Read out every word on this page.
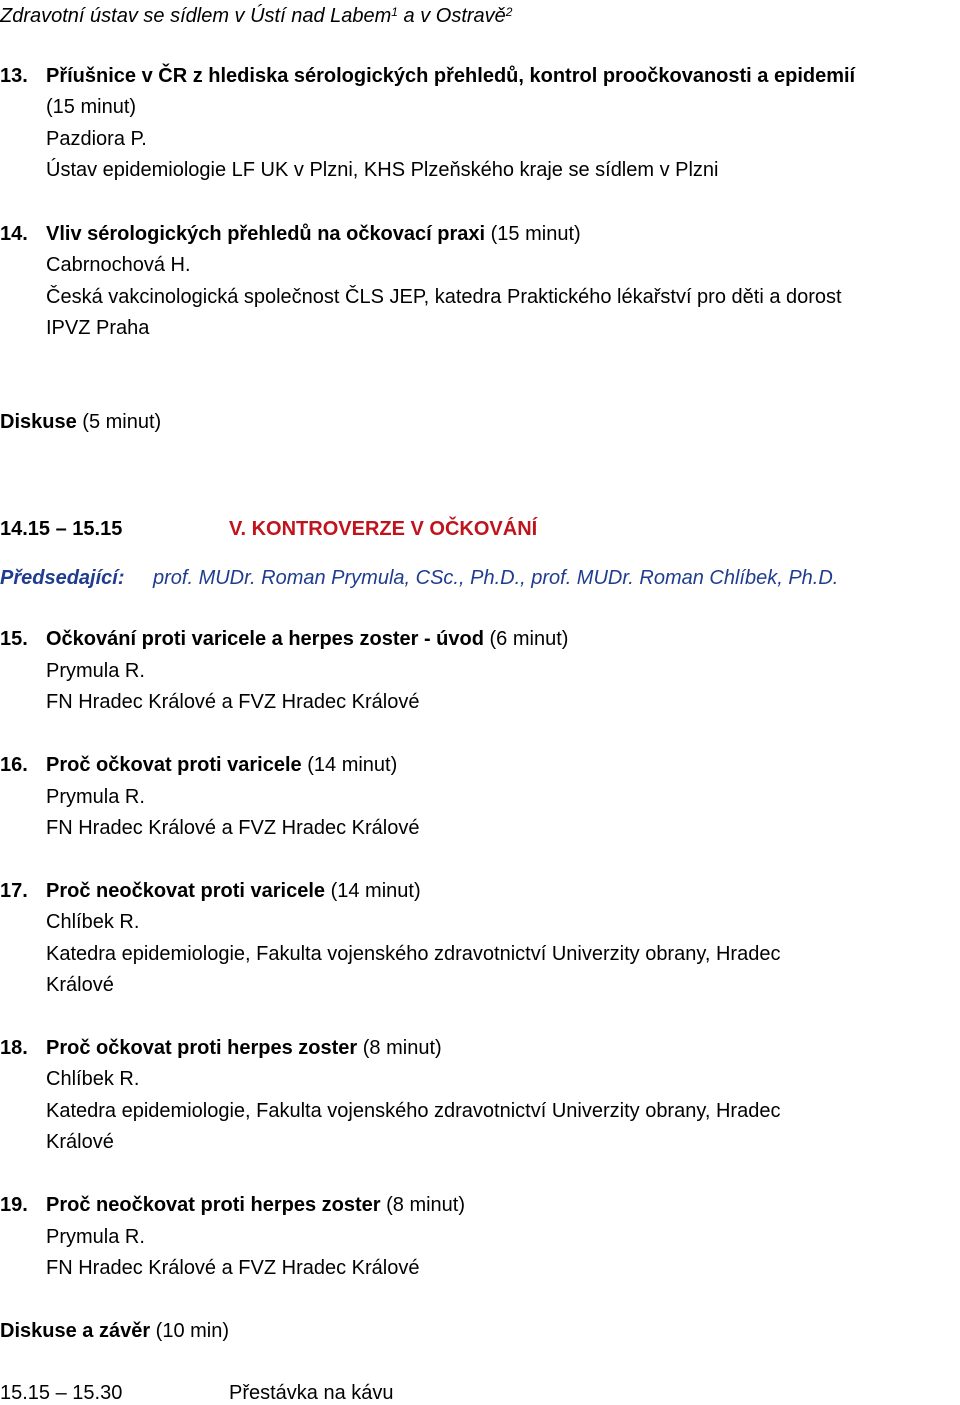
Zdravotní ústav se sídlem v Ústí nad Labem$^1$ a v Ostravě$^2$
13. Příušnice v ČR z hlediska sérologických přehledů, kontrol proočkovanosti a epidemií
(15 minut)
Pazdiora P.
Ústav epidemiologie LF UK v Plzni, KHS Plzeňského kraje se sídlem v Plzni
14. Vliv sérologických přehledů na očkovací praxi (15 minut)
Cabrnochová H.
Česká vakcinologická společnost ČLS JEP, katedra Praktického lékařství pro děti a dorost
IPVZ Praha
Diskuse (5 minut)
14.15 – 15.15	V. KONTROVERZE V OČKOVÁNÍ
Předsedající: prof. MUDr. Roman Prymula, CSc., Ph.D., prof. MUDr. Roman Chlíbek, Ph.D.
15. Očkování proti varicele a herpes zoster - úvod (6 minut)
Prymula R.
FN Hradec Králové a FVZ Hradec Králové
16. Proč očkovat proti varicele (14 minut)
Prymula R.
FN Hradec Králové a FVZ Hradec Králové
17. Proč neočkovat proti varicele (14 minut)
Chlíbek R.
Katedra epidemiologie, Fakulta vojenského zdravotnictví Univerzity obrany, Hradec
Králové
18. Proč očkovat proti herpes zoster (8 minut)
Chlíbek R.
Katedra epidemiologie, Fakulta vojenského zdravotnictví Univerzity obrany, Hradec
Králové
19. Proč neočkovat proti herpes zoster (8 minut)
Prymula R.
FN Hradec Králové a FVZ Hradec Králové
Diskuse a závěr (10 min)
15.15 – 15.30	Přestávka na kávu
